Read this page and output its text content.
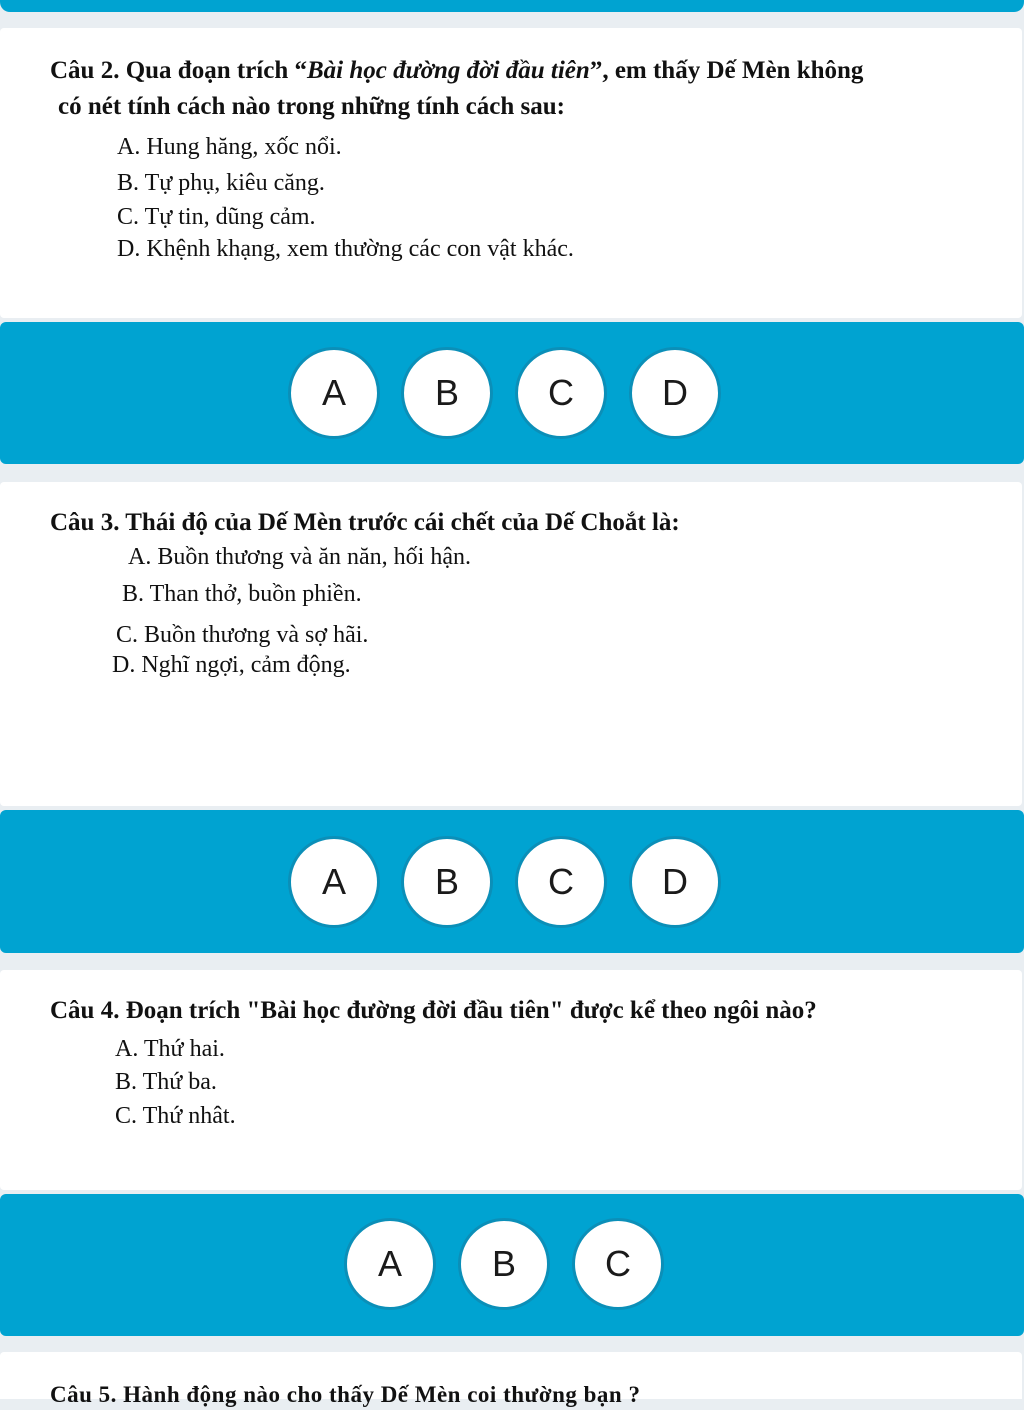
Câu 2. Qua đoạn trích “Bài học đường đời đầu tiên”, em thấy Dế Mèn không
có nét tính cách nào trong những tính cách sau:
A. Hung hăng, xốc nổi.
B. Tự phụ, kiêu căng.
C. Tự tin, dũng cảm.
D. Khệnh khạng, xem thường các con vật khác.
A	B	C	D
Câu 3. Thái độ của Dế Mèn trước cái chết của Dế Choắt là:
A. Buồn thương và ăn năn, hối hận.
B. Than thở, buồn phiền.
C. Buồn thương và sợ hãi.
D. Nghĩ ngợi, cảm động.
A	B	C	D
Câu 4. Đoạn trích "Bài học đường đời đầu tiên" được kể theo ngôi nào?
A. Thứ hai.
B. Thứ ba.
C. Thứ nhât.
A	B	C
Câu 5. Hành động nào cho thấy Dế Mèn coi thường bạn ?
